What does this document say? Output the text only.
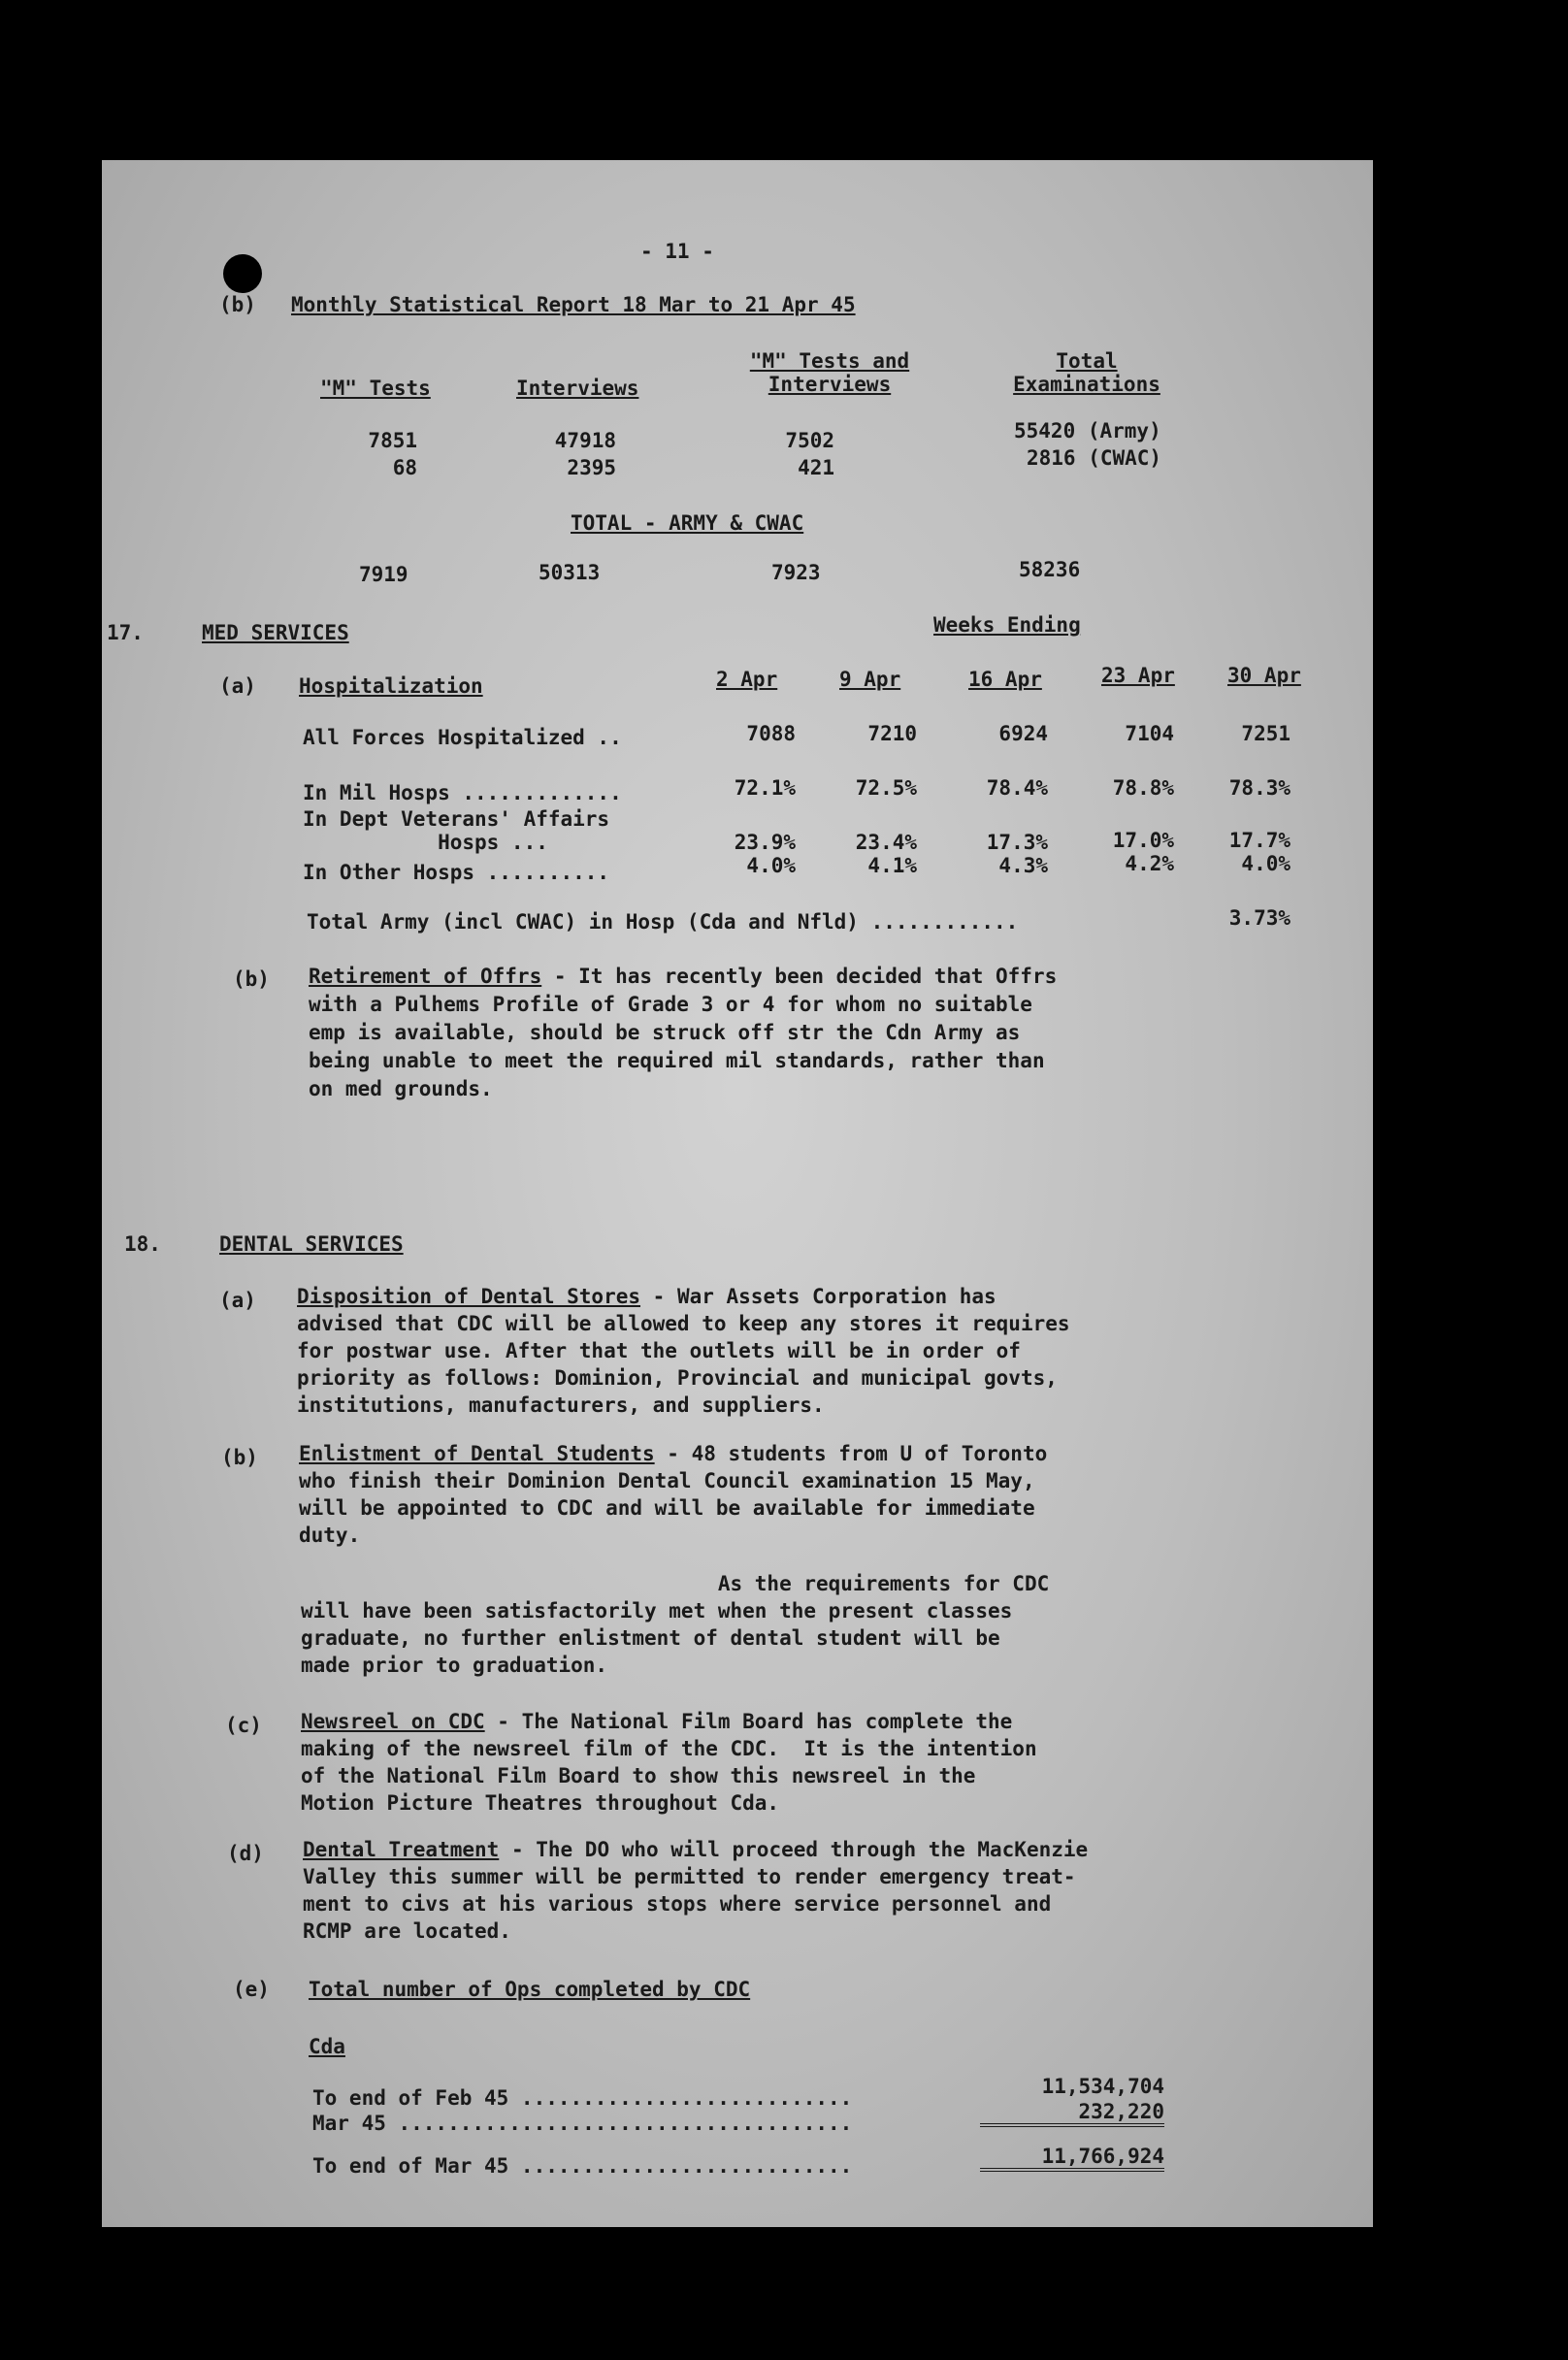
- 11 -
(b) Monthly Statistical Report 18 Mar to 21 Apr 45
"M" Tests	Interviews
"M" Tests and
Interviews
Total
Examinations
7851	47918	7502	55420 (Army)
68	2395	421	2816 (CWAC)
TOTAL - ARMY & CWAC
7919	50313	7923	58236
17.	MED SERVICES	Weeks Ending
(a) Hospitalization	2 Apr	9 Apr	16 Apr	23 Apr	30 Apr
All Forces Hospitalized ..	7088	7210	6924	7104	7251
In Mil Hosps .............	72.1%	72.5%	78.4%	78.8%	78.3%
In Dept Veterans' Affairs
Hosps ...	23.9%	23.4%	17.3%	17.0%	17.7%
In Other Hosps ..........	4.0%	4.1%	4.3%	4.2%	4.0%
Total Army (incl CWAC) in Hosp (Cda and Nfld) ............	3.73%
(b) Retirement of Offrs - It has recently been decided that Offrs
with a Pulhems Profile of Grade 3 or 4 for whom no suitable
emp is available, should be struck off str the Cdn Army as
being unable to meet the required mil standards, rather than
on med grounds.
18.	DENTAL SERVICES
(a) Disposition of Dental Stores - War Assets Corporation has
advised that CDC will be allowed to keep any stores it requires
for postwar use. After that the outlets will be in order of
priority as follows: Dominion, Provincial and municipal govts,
institutions, manufacturers, and suppliers.
(b) Enlistment of Dental Students - 48 students from U of Toronto
who finish their Dominion Dental Council examination 15 May,
will be appointed to CDC and will be available for immediate
duty.
As the requirements for CDC
will have been satisfactorily met when the present classes
graduate, no further enlistment of dental student will be
made prior to graduation.
(c) Newsreel on CDC - The National Film Board has complete the
making of the newsreel film of the CDC.  It is the intention
of the National Film Board to show this newsreel in the
Motion Picture Theatres throughout Cda.
(d) Dental Treatment - The DO who will proceed through the MacKenzie
Valley this summer will be permitted to render emergency treat-
ment to civs at his various stops where service personnel and
RCMP are located.
(e) Total number of Ops completed by CDC
Cda
To end of Feb 45 ...........................	11,534,704
Mar 45 .....................................	232,220
To end of Mar 45 ...........................	11,766,924
